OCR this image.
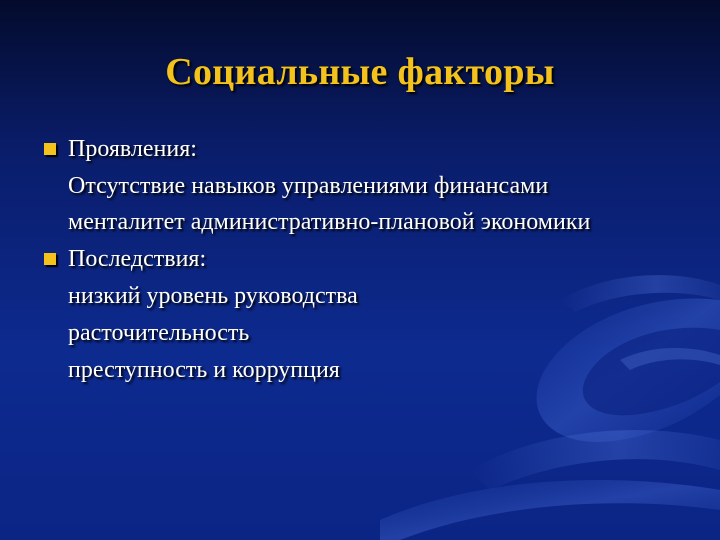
Социальные факторы
Проявления:
Отсутствие навыков управлениями финансами
менталитет административно-плановой экономики
Последствия:
низкий уровень руководства
расточительность
преступность и коррупция
